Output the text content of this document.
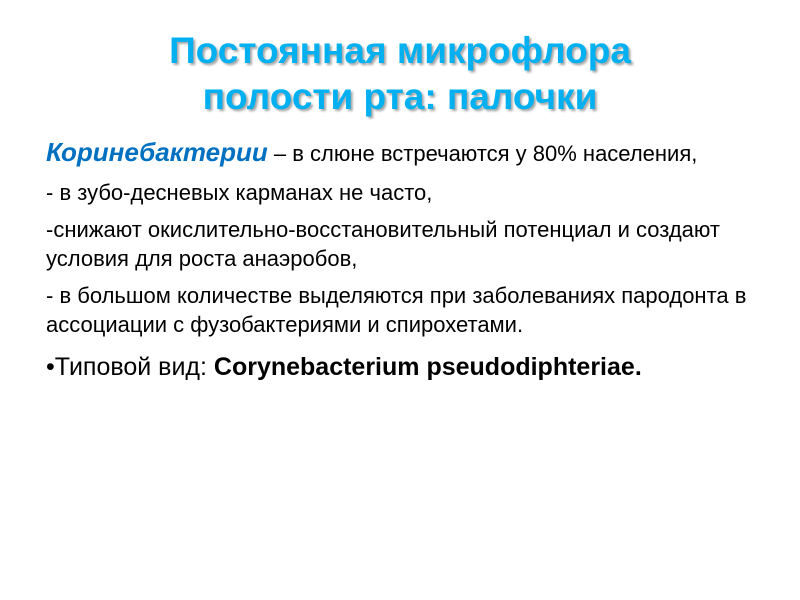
Постоянная микрофлора
полости рта: палочки

Коринебактерии – в слюне встречаются у 80% населения,

- в зубо-десневых карманах не часто,

-снижают окислительно-восстановительный потенциал и создают условия для роста анаэробов,

- в большом количестве выделяются при заболеваниях пародонта в ассоциации с фузобактериями и спирохетами.

•Типовой вид: Corynebacterium pseudodiphteriae.
